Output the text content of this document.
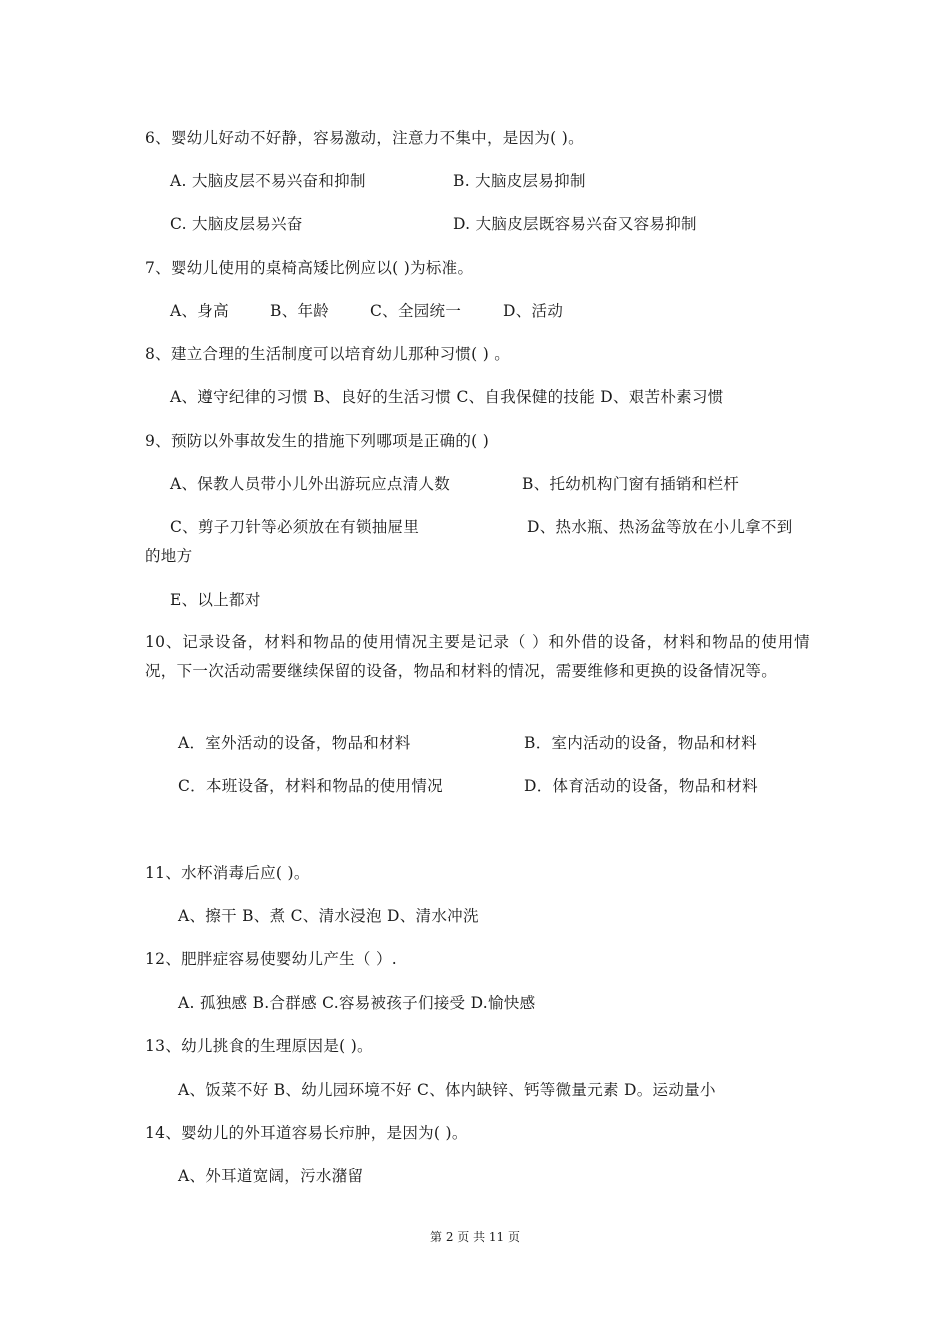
6、婴幼儿好动不好静，容易激动，注意力不集中，是因为( )。
A. 大脑皮层不易兴奋和抑制	B. 大脑皮层易抑制
C. 大脑皮层易兴奋	D. 大脑皮层既容易兴奋又容易抑制
7、婴幼儿使用的桌椅高矮比例应以( )为标准。
A、身高	B、年龄	C、全园统一	D、活动
8、建立合理的生活制度可以培育幼儿那种习惯( ) 。
A、遵守纪律的习惯 B、良好的生活习惯 C、自我保健的技能 D、艰苦朴素习惯
9、预防以外事故发生的措施下列哪项是正确的( )
A、保教人员带小儿外出游玩应点清人数	B、托幼机构门窗有插销和栏杆
C、剪子刀针等必须放在有锁抽屉里	D、热水瓶、热汤盆等放在小儿拿不到
的地方
E、以上都对
10、记录设备，材料和物品的使用情况主要是记录（ ）和外借的设备，材料和物品的使用情况，下一次活动需要继续保留的设备，物品和材料的情况，需要维修和更换的设备情况等。
A．室外活动的设备，物品和材料	B．室内活动的设备，物品和材料
C．本班设备，材料和物品的使用情况	D．体育活动的设备，物品和材料
11、水杯消毒后应( )。
A、擦干 B、煮 C、清水浸泡 D、清水冲洗
12、肥胖症容易使婴幼儿产生（ ）.
A. 孤独感 B.合群感 C.容易被孩子们接受 D.愉快感
13、幼儿挑食的生理原因是( )。
A、饭菜不好 B、幼儿园环境不好 C、体内缺锌、钙等微量元素 D。运动量小
14、婴幼儿的外耳道容易长疖肿，是因为( )。
A、外耳道宽阔，污水潴留
第 2 页 共 11 页
